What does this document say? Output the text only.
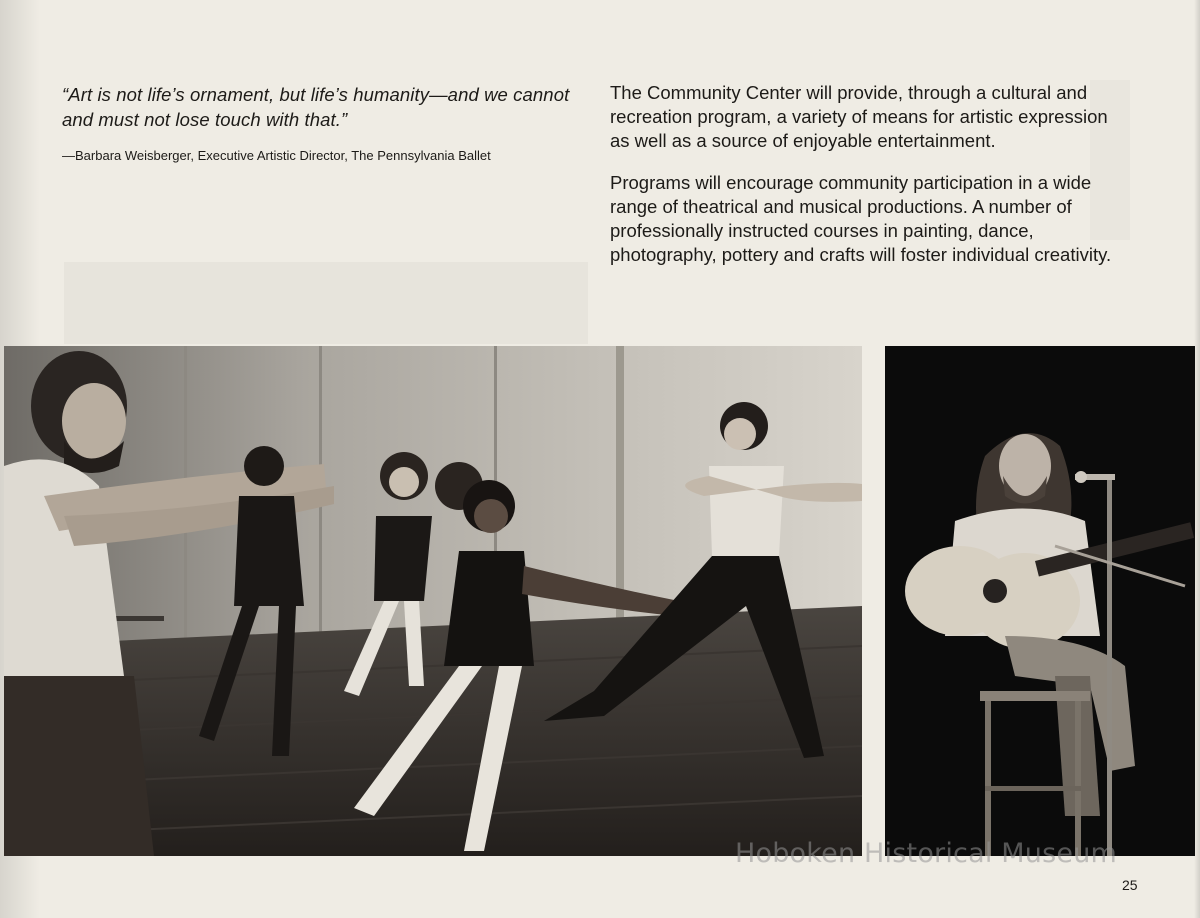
“Art is not life’s ornament, but life’s humanity—and we cannot and must not lose touch with that.”

—Barbara Weisberger, Executive Artistic Director, The Pennsylvania Ballet

The Community Center will provide, through a cultural and recreation program, a variety of means for artistic expression as well as a source of enjoyable entertainment.

Programs will encourage community participation in a wide range of theatrical and musical productions. A number of professionally instructed courses in painting, dance, photography, pottery and crafts will foster individual creativity.

Hoboken Historical Museum
25
